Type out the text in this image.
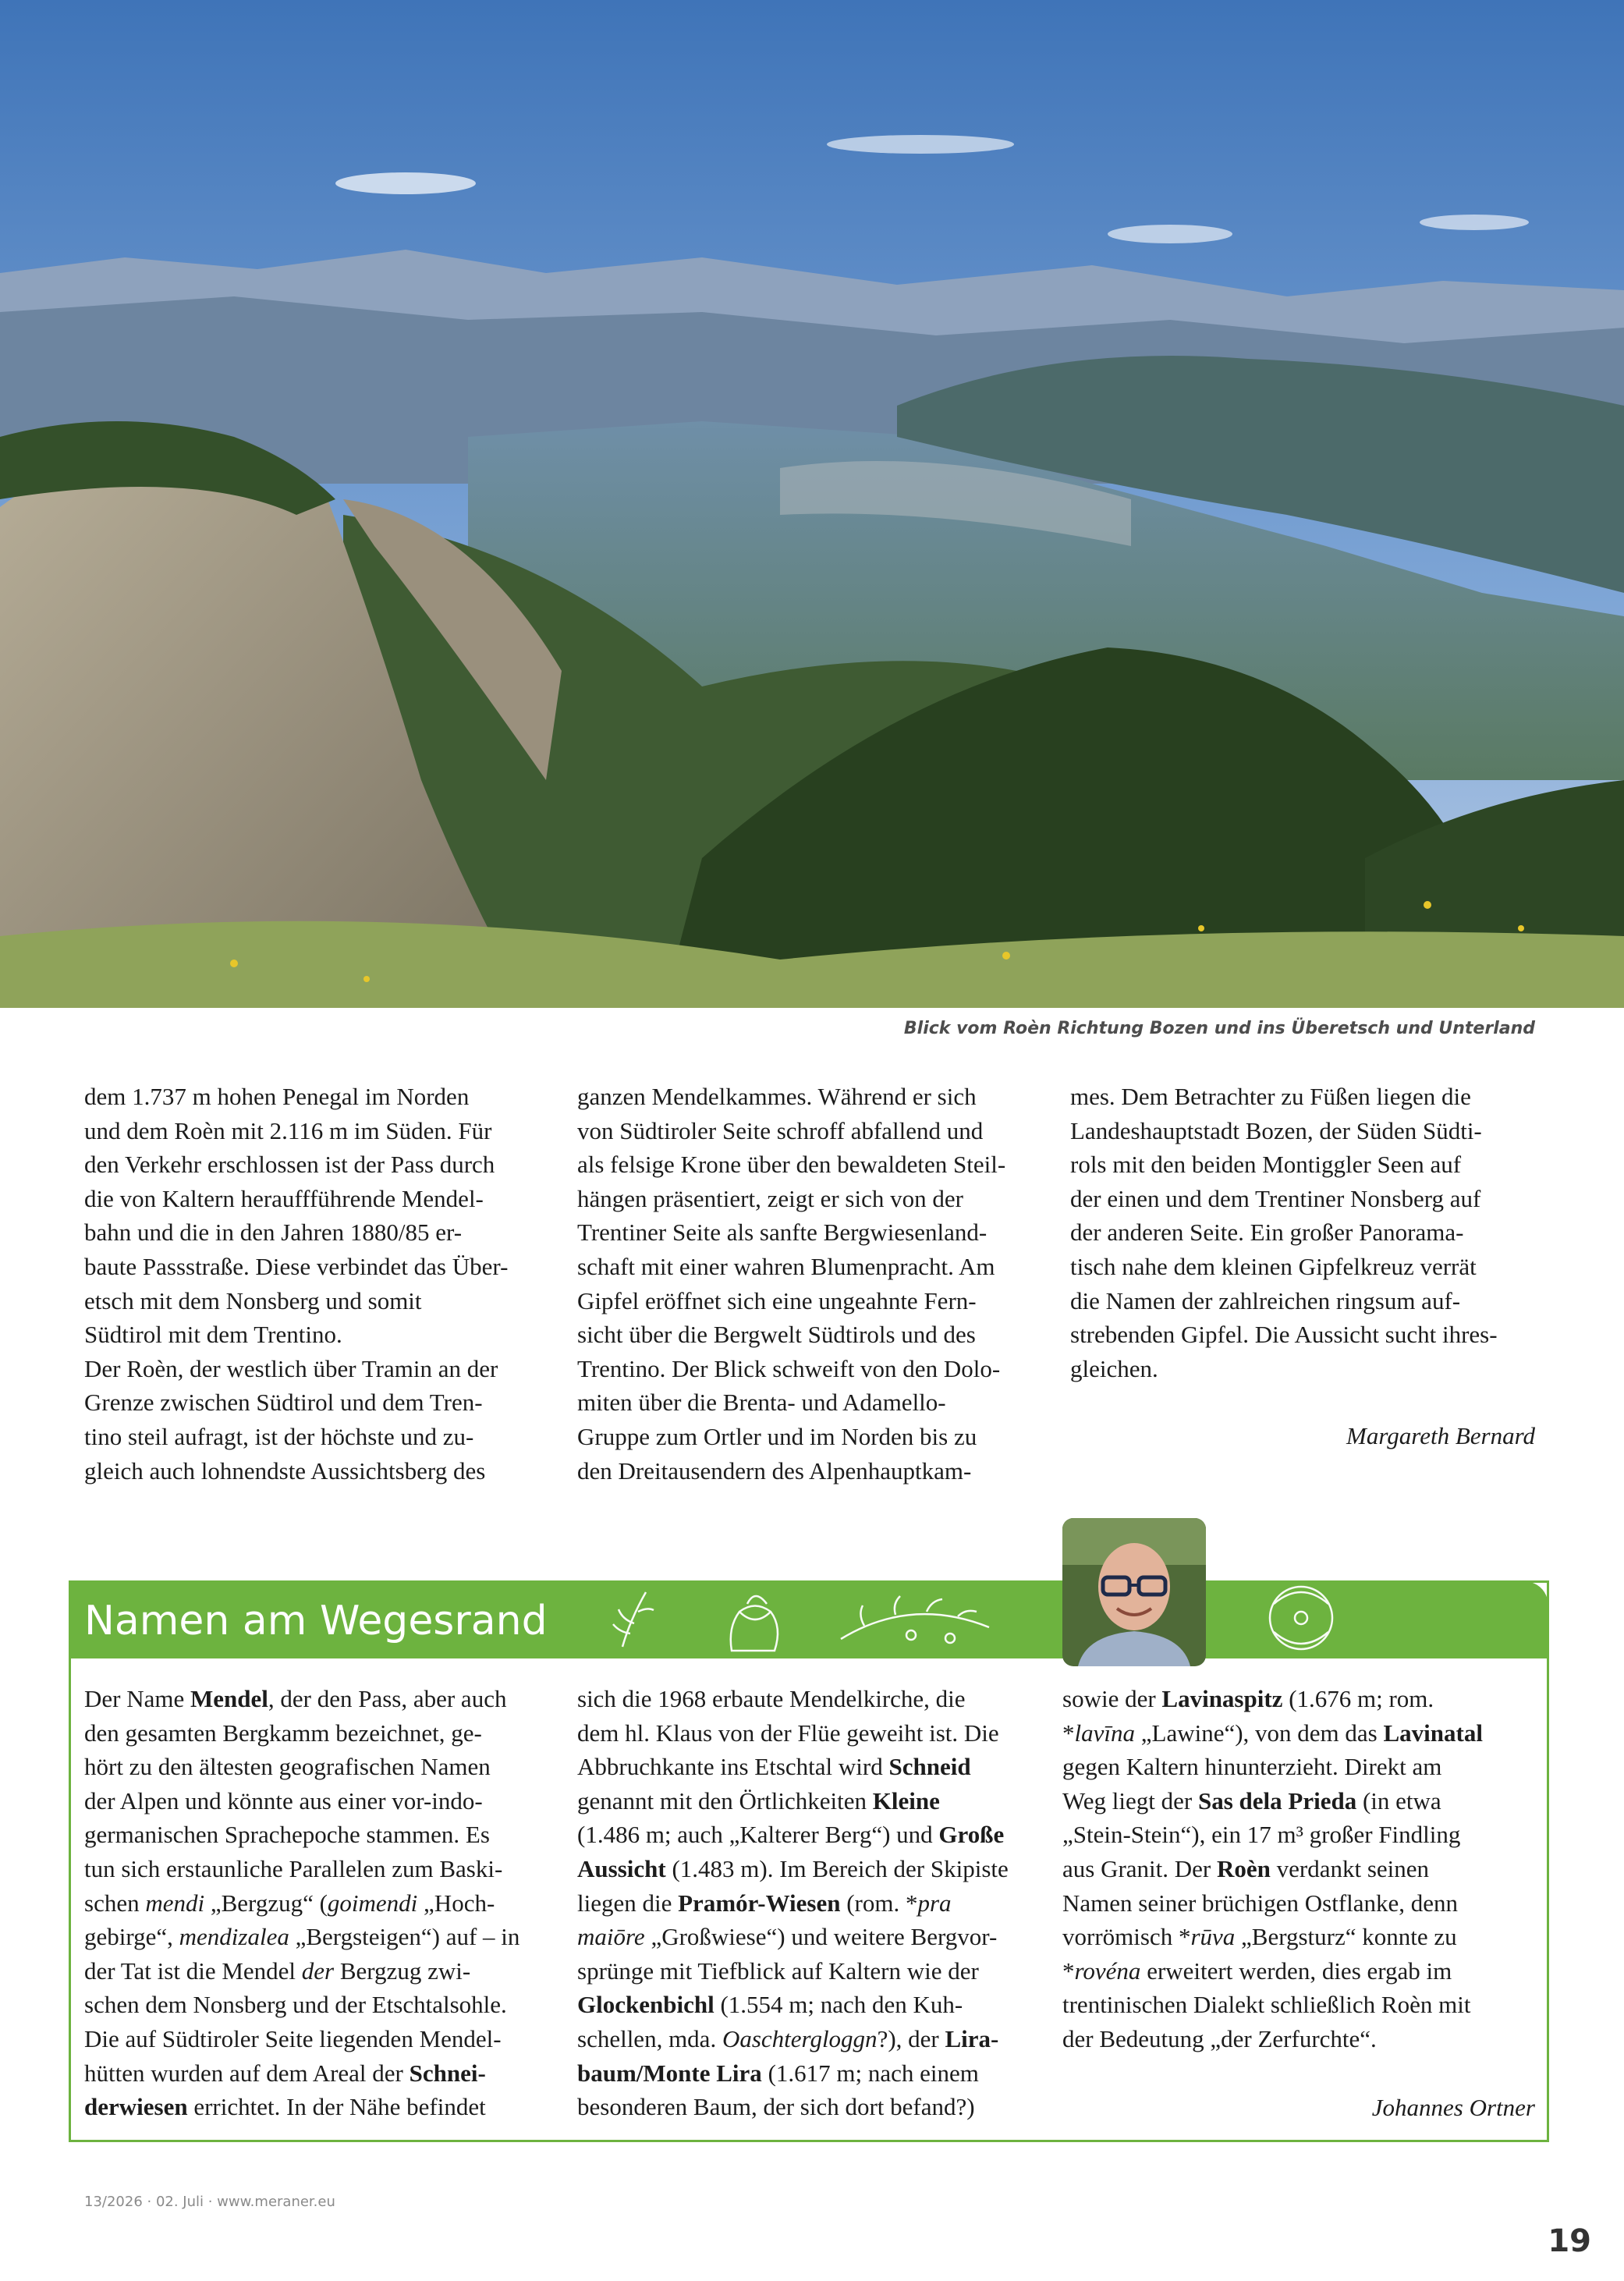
Blick vom Roèn Richtung Bozen und ins Überetsch und Unterland

dem 1.737 m hohen Penegal im Norden
und dem Roèn mit 2.116 m im Süden. Für
den Verkehr erschlossen ist der Pass durch
die von Kaltern herauffführende Mendel-
bahn und die in den Jahren 1880/85 er-
baute Passstraße. Diese verbindet das Über-
etsch mit dem Nonsberg und somit
Südtirol mit dem Trentino.
Der Roèn, der westlich über Tramin an der
Grenze zwischen Südtirol und dem Tren-
tino steil aufragt, ist der höchste und zu-
gleich auch lohnendste Aussichtsberg des

ganzen Mendelkammes. Während er sich
von Südtiroler Seite schroff abfallend und
als felsige Krone über den bewaldeten Steil-
hängen präsentiert, zeigt er sich von der
Trentiner Seite als sanfte Bergwiesenland-
schaft mit einer wahren Blumenpracht. Am
Gipfel eröffnet sich eine ungeahnte Fern-
sicht über die Bergwelt Südtirols und des
Trentino. Der Blick schweift von den Dolo-
miten über die Brenta- und Adamello-
Gruppe zum Ortler und im Norden bis zu
den Dreitausendern des Alpenhauptkam-

mes. Dem Betrachter zu Füßen liegen die
Landeshauptstadt Bozen, der Süden Südti-
rols mit den beiden Montiggler Seen auf
der einen und dem Trentiner Nonsberg auf
der anderen Seite. Ein großer Panorama-
tisch nahe dem kleinen Gipfelkreuz verrät
die Namen der zahlreichen ringsum auf-
strebenden Gipfel. Die Aussicht sucht ihres-
gleichen.

Margareth Bernard
Namen am Wegesrand

Der Name Mendel, der den Pass, aber auch
den gesamten Bergkamm bezeichnet, ge-
hört zu den ältesten geografischen Namen
der Alpen und könnte aus einer vor-indo-
germanischen Sprachepoche stammen. Es
tun sich erstaunliche Parallelen zum Baski-
schen mendi „Bergzug“ (goimendi „Hoch-
gebirge“, mendizalea „Bergsteigen“) auf – in
der Tat ist die Mendel der Bergzug zwi-
schen dem Nonsberg und der Etschtalsohle.
Die auf Südtiroler Seite liegenden Mendel-
hütten wurden auf dem Areal der Schnei-
derwiesen errichtet. In der Nähe befindet

sich die 1968 erbaute Mendelkirche, die
dem hl. Klaus von der Flüe geweiht ist. Die
Abbruchkante ins Etschtal wird Schneid
genannt mit den Örtlichkeiten Kleine
(1.486 m; auch „Kalterer Berg“) und Große
Aussicht (1.483 m). Im Bereich der Skipiste
liegen die Pramór-Wiesen (rom. *pra
maiōre „Großwiese“) und weitere Bergvor-
sprünge mit Tiefblick auf Kaltern wie der
Glockenbichl (1.554 m; nach den Kuh-
schellen, mda. Oaschtergloggn?), der Lira-
baum/Monte Lira (1.617 m; nach einem
besonderen Baum, der sich dort befand?)

sowie der Lavinaspitz (1.676 m; rom.
*lavīna „Lawine“), von dem das Lavinatal
gegen Kaltern hinunterzieht. Direkt am
Weg liegt der Sas dela Prieda (in etwa
„Stein-Stein“), ein 17 m³ großer Findling
aus Granit. Der Roèn verdankt seinen
Namen seiner brüchigen Ostflanke, denn
vorrömisch *rūva „Bergsturz“ konnte zu
*rovéna erweitert werden, dies ergab im
trentinischen Dialekt schließlich Roèn mit
der Bedeutung „der Zerfurchte“.

Johannes Ortner
13/2026 · 02. Juli · www.meraner.eu
19
